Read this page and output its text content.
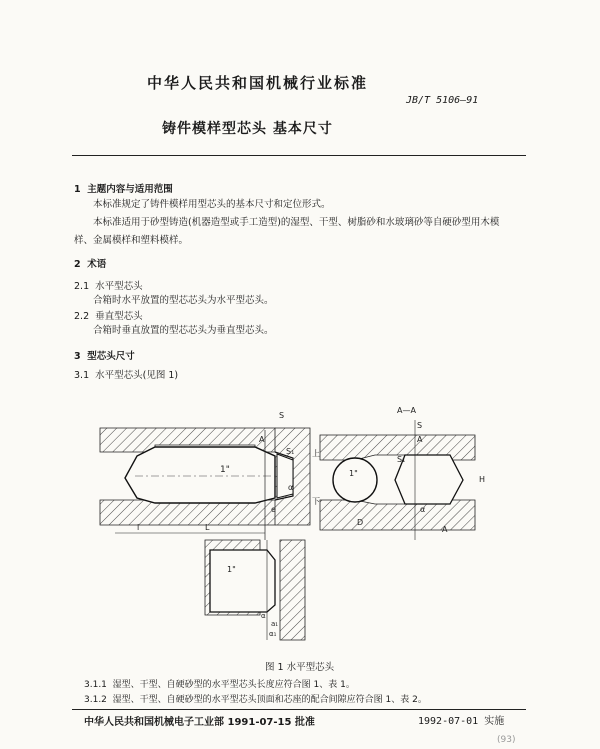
中华人民共和国机械行业标准
JB/T 5106—91
铸件模样型芯头 基本尺寸
1 主题内容与适用范围
本标准规定了铸件模样用型芯头的基本尺寸和定位形式。
本标准适用于砂型铸造(机器造型或手工造型)的湿型、干型、树脂砂和水玻璃砂等自硬砂型用木模
样、金属模样和塑料模样。
2 术语
2.1 水平型芯头
合箱时水平放置的型芯芯头为水平型芯头。
2.2 垂直型芯头
合箱时垂直放置的型芯芯头为垂直型芯头。
3 型芯头尺寸
3.1 水平型芯头(见图 1)
1"
S
S₁
A
上
下
α
e
L
l
A—A
1"
S
S₁
A
H
D
α
A
1"
α
a₁
α₁
图 1 水平型芯头
3.1.1 湿型、干型、自硬砂型的水平型芯头长度应符合图 1、表 1。
3.1.2 湿型、干型、自硬砂型的水平型芯头顶面和芯座的配合间隙应符合图 1、表 2。
中华人民共和国机械电子工业部 1991-07-15 批准	1992-07-01 实施
(93)
